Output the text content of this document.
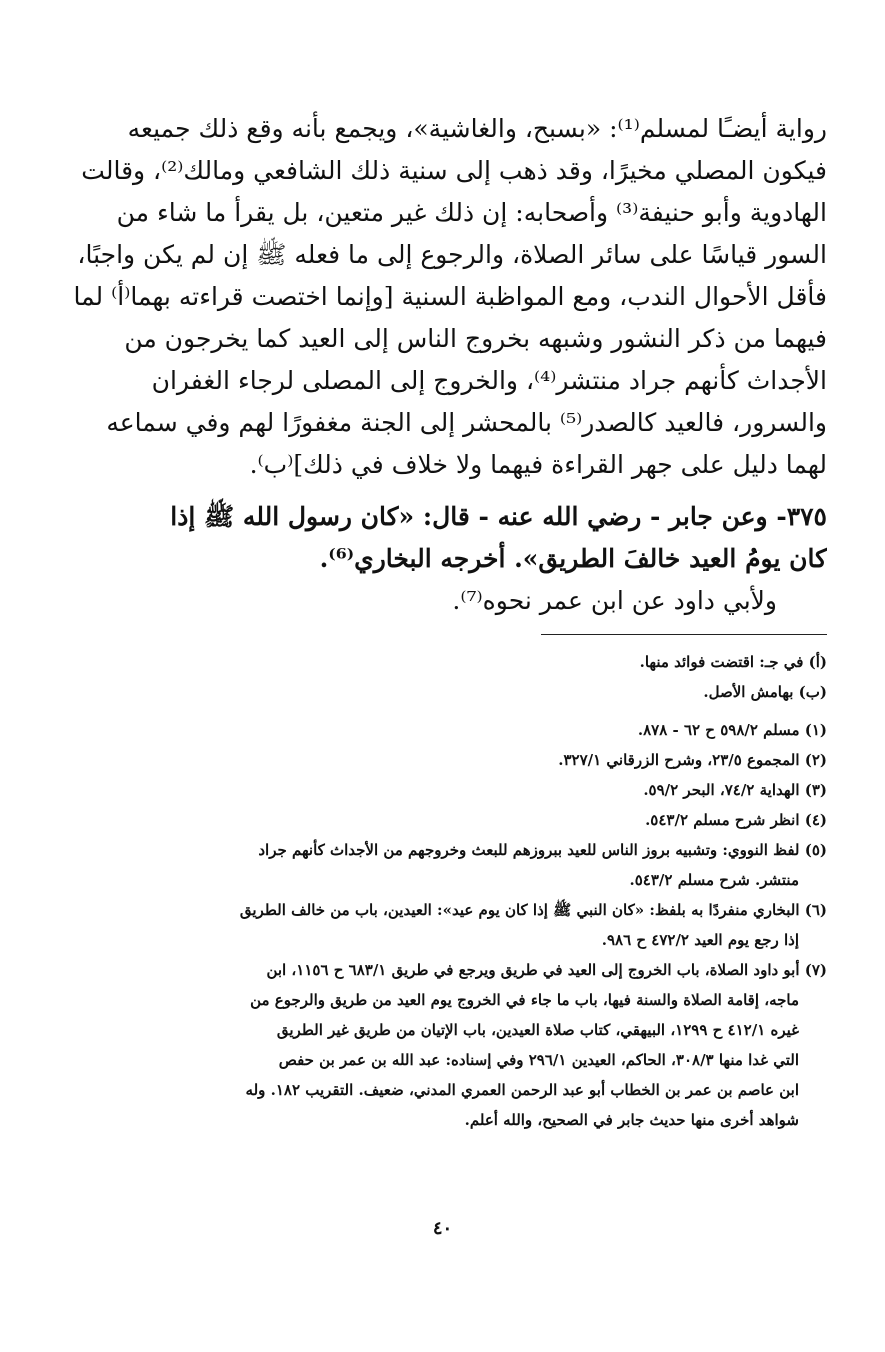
رواية أيضـًا لمسلم⁽¹⁾: «بسبح، والغاشية»، ويجمع بأنه وقع ذلك جميعه

فيكون المصلي مخيرًا، وقد ذهب إلى سنية ذلك الشافعي ومالك⁽²⁾، وقالت

الهادوية وأبو حنيفة⁽³⁾ وأصحابه: إن ذلك غير متعين، بل يقرأ ما شاء من

السور قياسًا على سائر الصلاة، والرجوع إلى ما فعله ﷺ إن لم يكن واجبًا،

فأقل الأحوال الندب، ومع المواظبة السنية [وإنما اختصت قراءته بهما⁽أ⁾ لما

فيهما من ذكر النشور وشبهه بخروج الناس إلى العيد كما يخرجون من

الأجداث كأنهم جراد منتشر⁽⁴⁾، والخروج إلى المصلى لرجاء الغفران

والسرور، فالعيد كالصدر⁽⁵⁾ بالمحشر إلى الجنة مغفورًا لهم وفي سماعه

لهما دليل على جهر القراءة فيهما ولا خلاف في ذلك]⁽ب⁾.

٣٧٥- وعن جابر - رضي الله عنه - قال: «كان رسول الله ﷺ إذا

كان يومُ العيد خالفَ الطريق». أخرجه البخاري⁽⁶⁾.

ولأبي داود عن ابن عمر نحوه⁽⁷⁾.

(أ) في جـ: اقتضت فوائد منها.

(ب) بهامش الأصل.

(١) مسلم ٥٩٨/٢ ح ٦٢ - ٨٧٨.

(٢) المجموع ٢٣/٥، وشرح الزرقاني ٣٢٧/١.

(٣) الهداية ٧٤/٢، البحر ٥٩/٢.

(٤) انظر شرح مسلم ٥٤٣/٢.

(٥) لفظ النووي: وتشبيه بروز الناس للعيد ببروزهم للبعث وخروجهم من الأجداث كأنهم جراد

منتشر. شرح مسلم ٥٤٣/٢.

(٦) البخاري منفردًا به بلفظ: «كان النبي ﷺ إذا كان يوم عيد»: العيدين، باب من خالف الطريق

إذا رجع يوم العيد ٤٧٢/٢ ح ٩٨٦.

(٧) أبو داود الصلاة، باب الخروج إلى العيد في طريق ويرجع في طريق ٦٨٣/١ ح ١١٥٦، ابن

ماجه، إقامة الصلاة والسنة فيها، باب ما جاء في الخروج يوم العيد من طريق والرجوع من

غيره ٤١٢/١ ح ١٢٩٩، البيهقي، كتاب صلاة العيدين، باب الإتيان من طريق غير الطريق

التي غدا منها ٣٠٨/٣، الحاكم، العيدين ٢٩٦/١ وفي إسناده: عبد الله بن عمر بن حفص

ابن عاصم بن عمر بن الخطاب أبو عبد الرحمن العمري المدني، ضعيف. التقريب ١٨٢. وله

شواهد أخرى منها حديث جابر في الصحيح، والله أعلم.

٤٠
